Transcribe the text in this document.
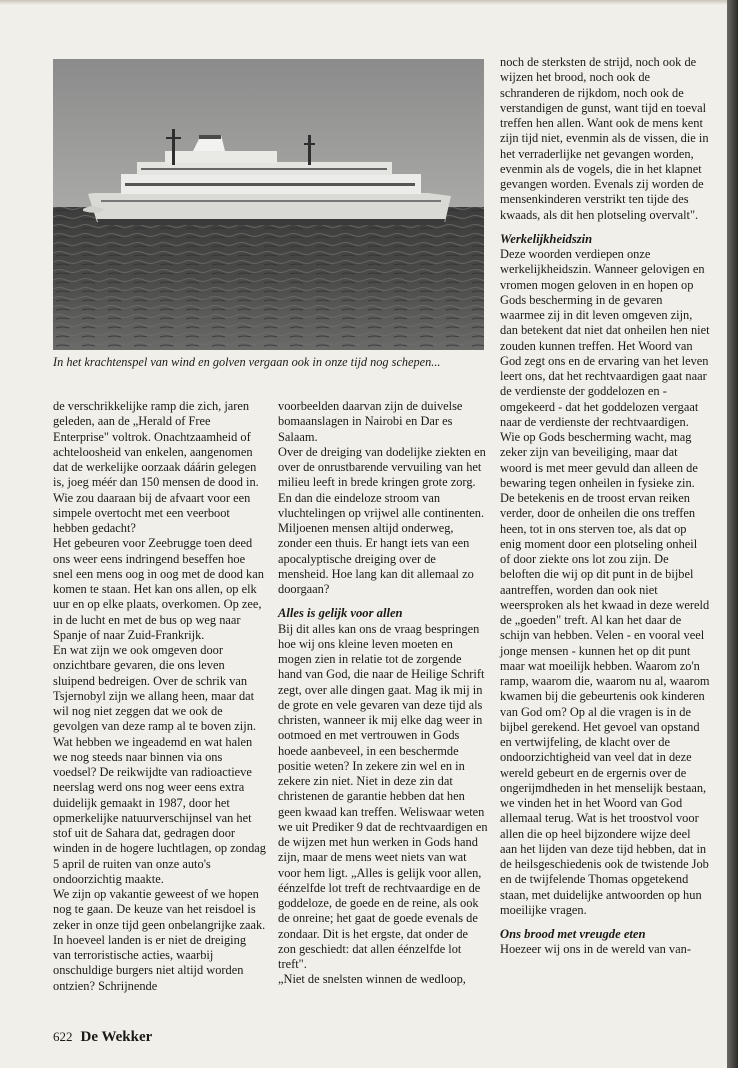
In het krachtenspel van wind en golven vergaan ook in onze tijd nog schepen...

de verschrikkelijke ramp die zich, jaren geleden, aan de „Herald of Free Enterprise" voltrok. Onachtzaamheid of achteloosheid van enkelen, aangenomen dat de werkelijke oorzaak dáárin gelegen is, joeg méér dan 150 mensen de dood in. Wie zou daaraan bij de afvaart voor een simpele overtocht met een veerboot hebben gedacht?

Het gebeuren voor Zeebrugge toen deed ons weer eens indringend beseffen hoe snel een mens oog in oog met de dood kan komen te staan. Het kan ons allen, op elk uur en op elke plaats, overkomen. Op zee, in de lucht en met de bus op weg naar Spanje of naar Zuid-Frankrijk.

En wat zijn we ook omgeven door onzichtbare gevaren, die ons leven sluipend bedreigen. Over de schrik van Tsjernobyl zijn we allang heen, maar dat wil nog niet zeggen dat we ook de gevolgen van deze ramp al te boven zijn. Wat hebben we ingeademd en wat halen we nog steeds naar binnen via ons voedsel? De reikwijdte van radioactieve neerslag werd ons nog weer eens extra duidelijk gemaakt in 1987, door het opmerkelijke natuurverschijnsel van het stof uit de Sahara dat, gedragen door winden in de hogere luchtlagen, op zondag 5 april de ruiten van onze auto's ondoorzichtig maakte.

We zijn op vakantie geweest of we hopen nog te gaan. De keuze van het reisdoel is zeker in onze tijd geen onbelangrijke zaak. In hoeveel landen is er niet de dreiging van terroristische acties, waarbij onschuldige burgers niet altijd worden ontzien? Schrijnende

voorbeelden daarvan zijn de duivelse bomaanslagen in Nairobi en Dar es Salaam.

Over de dreiging van dodelijke ziekten en over de onrustbarende vervuiling van het milieu leeft in brede kringen grote zorg. En dan die eindeloze stroom van vluchtelingen op vrijwel alle continenten. Miljoenen mensen altijd onderweg, zonder een thuis. Er hangt iets van een apocalyptische dreiging over de mensheid. Hoe lang kan dit allemaal zo doorgaan?

Alles is gelijk voor allen

Bij dit alles kan ons de vraag bespringen hoe wij ons kleine leven moeten en mogen zien in relatie tot de zorgende hand van God, die naar de Heilige Schrift zegt, over alle dingen gaat. Mag ik mij in de grote en vele gevaren van deze tijd als christen, wanneer ik mij elke dag weer in ootmoed en met vertrouwen in Gods hoede aanbeveel, in een beschermde positie weten? In zekere zin wel en in zekere zin niet. Niet in deze zin dat christenen de garantie hebben dat hen geen kwaad kan treffen. Weliswaar weten we uit Prediker 9 dat de rechtvaardigen en de wijzen met hun werken in Gods hand zijn, maar de mens weet niets van wat voor hem ligt. „Alles is gelijk voor allen, éénzelfde lot treft de rechtvaardige en de goddeloze, de goede en de reine, als ook de onreine; het gaat de goede evenals de zondaar. Dit is het ergste, dat onder de zon geschiedt: dat allen éénzelfde lot treft".

„Niet de snelsten winnen de wedloop,

noch de sterksten de strijd, noch ook de wijzen het brood, noch ook de schranderen de rijkdom, noch ook de verstandigen de gunst, want tijd en toeval treffen hen allen. Want ook de mens kent zijn tijd niet, evenmin als de vissen, die in het verraderlijke net gevangen worden, evenmin als de vogels, die in het klapnet gevangen worden. Evenals zij worden de mensenkinderen verstrikt ten tijde des kwaads, als dit hen plotseling overvalt".

Werkelijkheidszin

Deze woorden verdiepen onze werkelijkheidszin. Wanneer gelovigen en vromen mogen geloven in en hopen op Gods bescherming in de gevaren waarmee zij in dit leven omgeven zijn, dan betekent dat niet dat onheilen hen niet zouden kunnen treffen. Het Woord van God zegt ons en de ervaring van het leven leert ons, dat het rechtvaardigen gaat naar de verdienste der goddelozen en - omgekeerd - dat het goddelozen vergaat naar de verdienste der rechtvaardigen. Wie op Gods bescherming wacht, mag zeker zijn van beveiliging, maar dat woord is met meer gevuld dan alleen de bewaring tegen onheilen in fysieke zin. De betekenis en de troost ervan reiken verder, door de onheilen die ons treffen heen, tot in ons sterven toe, als dat op enig moment door een plotseling onheil of door ziekte ons lot zou zijn. De beloften die wij op dit punt in de bijbel aantreffen, worden dan ook niet weersproken als het kwaad in deze wereld de „goeden" treft. Al kan het daar de schijn van hebben. Velen - en vooral veel jonge mensen - kunnen het op dit punt maar wat moeilijk hebben. Waarom zo'n ramp, waarom die, waarom nu al, waarom kwamen bij die gebeurtenis ook kinderen van God om? Op al die vragen is in de bijbel gerekend. Het gevoel van opstand en vertwijfeling, de klacht over de ondoorzichtigheid van veel dat in deze wereld gebeurt en de ergernis over de ongerijmdheden in het menselijk bestaan, we vinden het in het Woord van God allemaal terug. Wat is het troostvol voor allen die op heel bijzondere wijze deel aan het lijden van deze tijd hebben, dat in de heilsgeschiedenis ook de twistende Job en de twijfelende Thomas opgetekend staan, met duidelijke antwoorden op hun moeilijke vragen.

Ons brood met vreugde eten

Hoezeer wij ons in de wereld van van-

622 De Wekker
